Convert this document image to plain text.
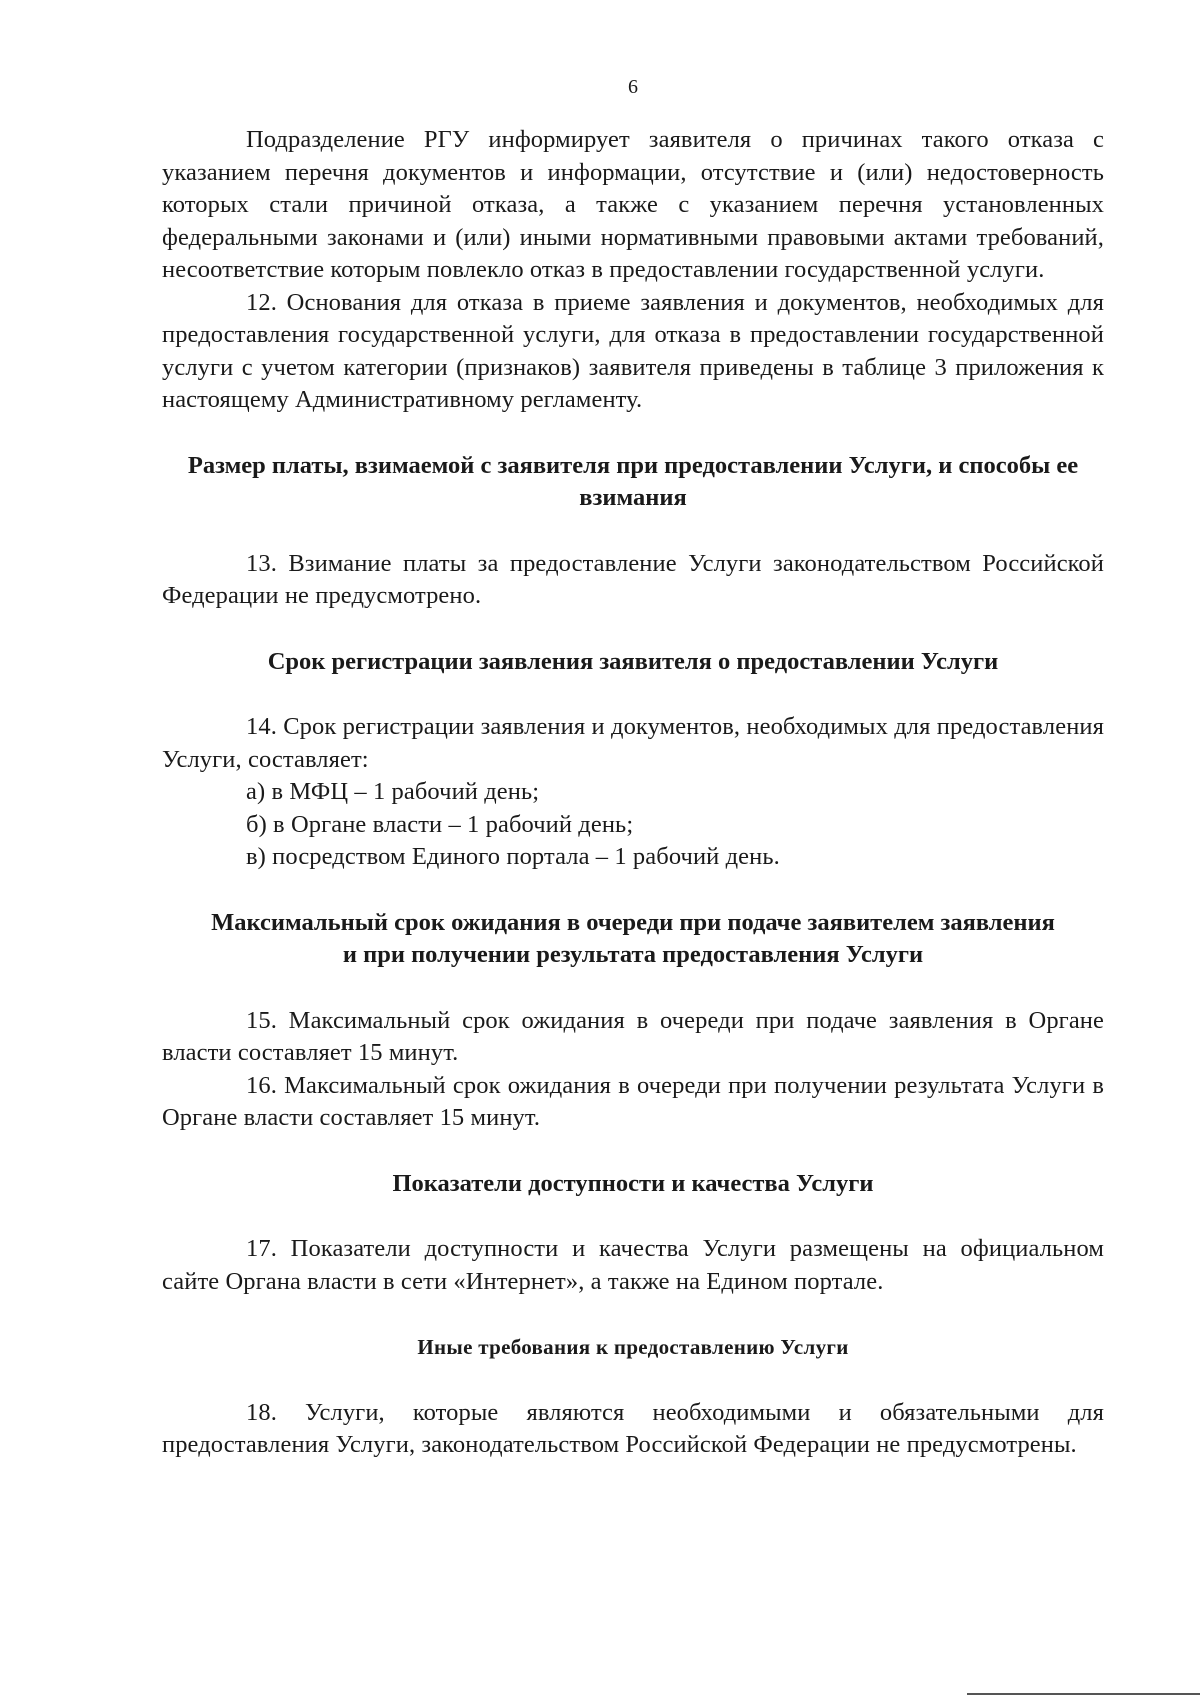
6

Подразделение РГУ информирует заявителя о причинах такого отказа с указанием перечня документов и информации, отсутствие и (или) недостоверность которых стали причиной отказа, а также с указанием перечня установленных федеральными законами и (или) иными нормативными правовыми актами требований, несоответствие которым повлекло отказ в предоставлении государственной услуги.

12. Основания для отказа в приеме заявления и документов, необходимых для предоставления государственной услуги, для отказа в предоставлении государственной услуги с учетом категории (признаков) заявителя приведены в таблице 3 приложения к настоящему Административному регламенту.

Размер платы, взимаемой с заявителя при предоставлении Услуги, и способы ее взимания

13. Взимание платы за предоставление Услуги законодательством Российской Федерации не предусмотрено.

Срок регистрации заявления заявителя о предоставлении Услуги

14. Срок регистрации заявления и документов, необходимых для предоставления Услуги, составляет:

а) в МФЦ – 1 рабочий день;

б) в Органе власти – 1 рабочий день;

в) посредством Единого портала – 1 рабочий день.

Максимальный срок ожидания в очереди при подаче заявителем заявления и при получении результата предоставления Услуги

15. Максимальный срок ожидания в очереди при подаче заявления в Органе власти составляет 15 минут.

16. Максимальный срок ожидания в очереди при получении результата Услуги в Органе власти составляет 15 минут.

Показатели доступности и качества Услуги

17. Показатели доступности и качества Услуги размещены на официальном сайте Органа власти в сети «Интернет», а также на Едином портале.

Иные требования к предоставлению Услуги

18. Услуги, которые являются необходимыми и обязательными для предоставления Услуги, законодательством Российской Федерации не предусмотрены.
